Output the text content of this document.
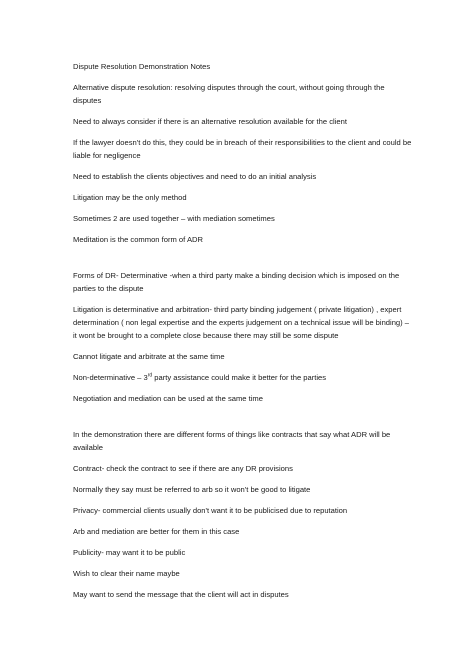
Dispute Resolution Demonstration Notes

Alternative dispute resolution: resolving disputes through the court, without going through the disputes

Need to always consider if there is an alternative resolution available for the client

If the lawyer doesn't do this, they could be in breach of their responsibilities to the client and could be liable for negligence

Need to establish the clients objectives and need to do an initial analysis

Litigation may be the only method

Sometimes 2 are used together – with mediation sometimes

Meditation is the common form of ADR

Forms of DR- Determinative -when a third party make a binding decision which is imposed on the parties to the dispute

Litigation is determinative and arbitration- third party binding judgement ( private litigation) , expert determination ( non legal expertise and the experts judgement on a technical issue will be binding) – it wont be brought to a complete close because there may still be some dispute

Cannot litigate and arbitrate at the same time

Non-determinative – 3rd party assistance could make it better for the parties

Negotiation and mediation can be used at the same time

In the demonstration there are different forms of things like contracts that say what ADR will be available

Contract- check the contract to see if there are any DR provisions

Normally they say must be referred to arb so it won't be good to litigate

Privacy- commercial clients usually don't want it to be publicised due to reputation

Arb and mediation are better for them in this case

Publicity- may want it to be public

Wish to clear their name maybe

May want to send the message that the client will act in disputes
